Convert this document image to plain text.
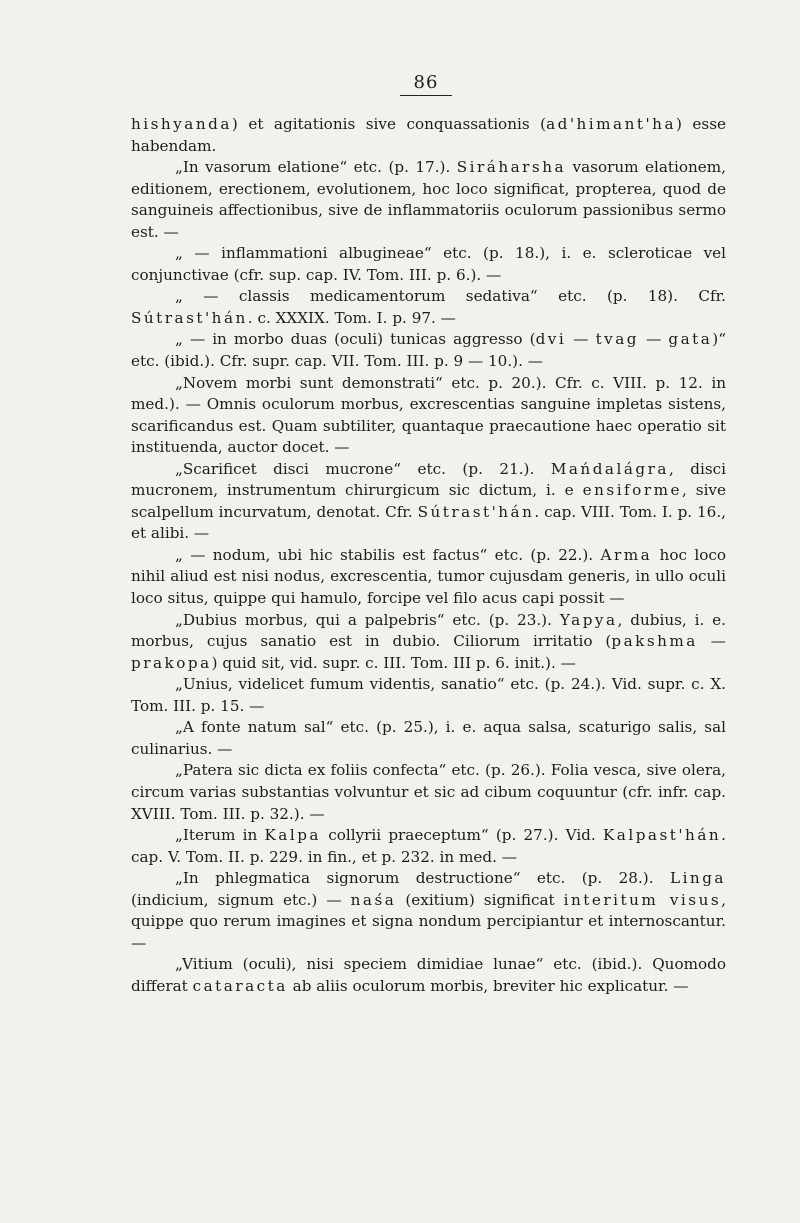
86

hishyanda) et agitationis sive conquassationis (ad'himant'ha) esse habendam.

„In vasorum elatione“ etc. (p. 17.). Siráharsha vasorum elationem, editionem, erectionem, evolutionem, hoc loco significat, propterea, quod de sanguineis affectionibus, sive de inflammatoriis oculorum passionibus sermo est. —

„ — inflammationi albugineae“ etc. (p. 18.), i. e. scleroticae vel conjunctivae (cfr. sup. cap. IV. Tom. III. p. 6.). —

„ — classis medicamentorum sedativa“ etc. (p. 18). Cfr. Sútrast'hán. c. XXXIX. Tom. I. p. 97. —

„ — in morbo duas (oculi) tunicas aggresso (dvi — tvag — gata)“ etc. (ibid.). Cfr. supr. cap. VII. Tom. III. p. 9 — 10.). —

„Novem morbi sunt demonstrati“ etc. p. 20.). Cfr. c. VIII. p. 12. in med.). — Omnis oculorum morbus, excrescentias sanguine impletas sistens, scarificandus est. Quam subtiliter, quantaque praecautione haec operatio sit instituenda, auctor docet. —

„Scarificet disci mucrone“ etc. (p. 21.). Mańdalágra, disci mucronem, instrumentum chirurgicum sic dictum, i. e ensiforme, sive scalpellum incurvatum, denotat. Cfr. Sútrast'hán. cap. VIII. Tom. I. p. 16., et alibi. —

„ — nodum, ubi hic stabilis est factus“ etc. (p. 22.). Arma hoc loco nihil aliud est nisi nodus, excrescentia, tumor cujusdam generis, in ullo oculi loco situs, quippe qui hamulo, forcipe vel filo acus capi possit —

„Dubius morbus, qui a palpebris“ etc. (p. 23.). Yapya, dubius, i. e. morbus, cujus sanatio est in dubio. Ciliorum irritatio (pakshma — prakopa) quid sit, vid. supr. c. III. Tom. III p. 6. init.). —

„Unius, videlicet fumum videntis, sanatio“ etc. (p. 24.). Vid. supr. c. X. Tom. III. p. 15. —

„A fonte natum sal“ etc. (p. 25.), i. e. aqua salsa, scaturigo salis, sal culinarius. —

„Patera sic dicta ex foliis confecta“ etc. (p. 26.). Folia vesca, sive olera, circum varias substantias volvuntur et sic ad cibum coquuntur (cfr. infr. cap. XVIII. Tom. III. p. 32.). —

„Iterum in Kalpa collyrii praeceptum“ (p. 27.). Vid. Kalpast'hán. cap. V. Tom. II. p. 229. in fin., et p. 232. in med. —

„In phlegmatica signorum destructione“ etc. (p. 28.). Linga (indicium, signum etc.) — naśa (exitium) significat interitum visus, quippe quo rerum imagines et signa nondum percipiantur et internoscantur. —

„Vitium (oculi), nisi speciem dimidiae lunae“ etc. (ibid.). Quomodo differat cataracta ab aliis oculorum morbis, breviter hic explicatur. —
